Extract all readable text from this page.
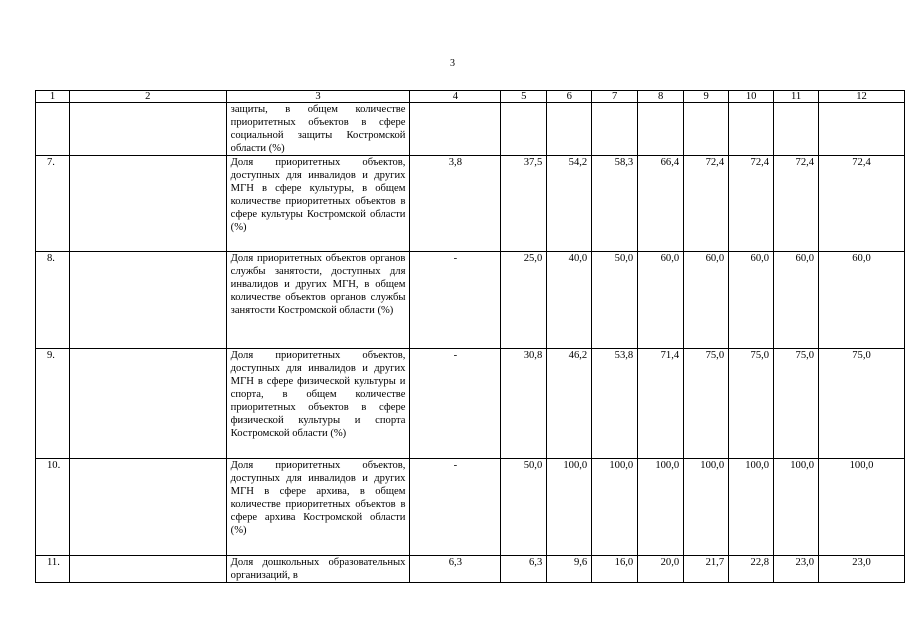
3
1	2	3	4	5	6	7	8	9	10	11	12
		защиты, в общем количестве приоритетных объектов в сфере социальной защиты Костромской области (%)									
7.		Доля приоритетных объектов, доступных для инвалидов и других МГН в сфере культуры, в общем количестве приоритетных объектов в сфере культуры Костромской области (%)	3,8	37,5	54,2	58,3	66,4	72,4	72,4	72,4	72,4
8.		Доля приоритетных объектов органов службы занятости, доступных для инвалидов и других МГН, в общем количестве объектов органов службы занятости Костромской области (%)	-	25,0	40,0	50,0	60,0	60,0	60,0	60,0	60,0
9.		Доля приоритетных объектов, доступных для инвалидов и других МГН в сфере физической культуры и спорта, в общем количестве приоритетных объектов в сфере физической культуры и спорта Костромской области (%)	-	30,8	46,2	53,8	71,4	75,0	75,0	75,0	75,0
10.		Доля приоритетных объектов, доступных для инвалидов и других МГН в сфере архива, в общем количестве приоритетных объектов в сфере архива Костромской области (%)	-	50,0	100,0	100,0	100,0	100,0	100,0	100,0	100,0
11.		Доля дошкольных образовательных организаций, в	6,3	6,3	9,6	16,0	20,0	21,7	22,8	23,0	23,0
